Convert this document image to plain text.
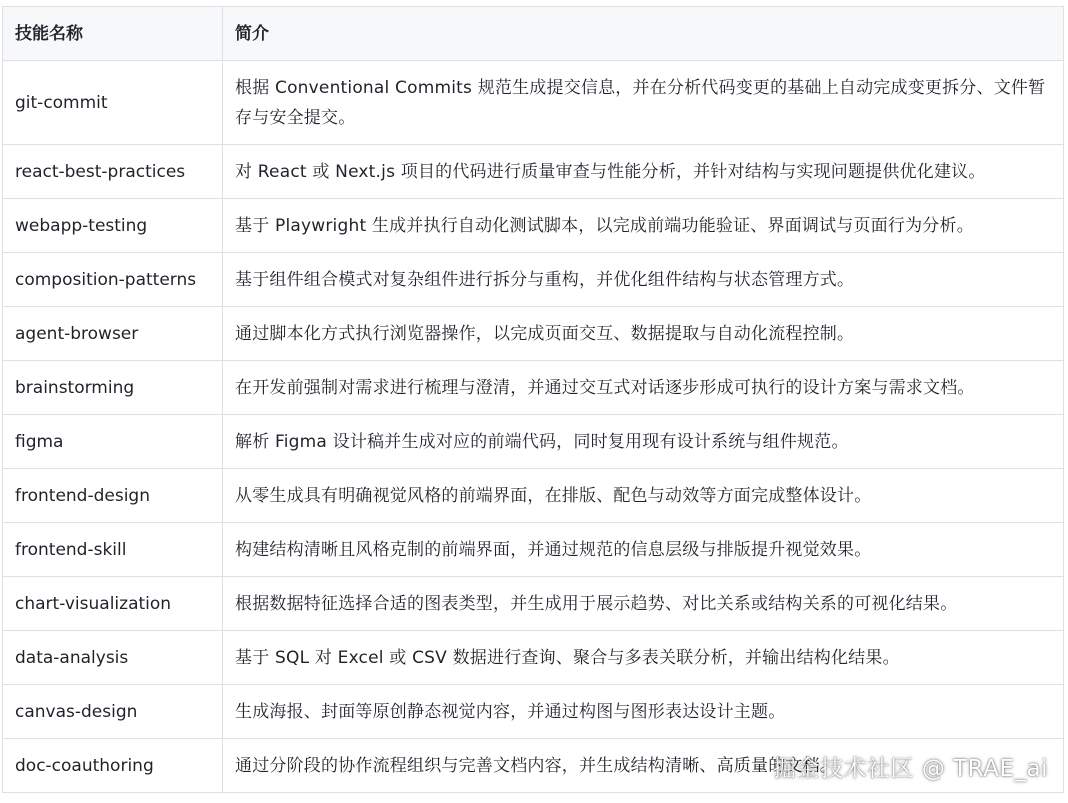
技能名称	简介
git-commit	根据 Conventional Commits 规范生成提交信息，并在分析代码变更的基础上自动完成变更拆分、文件暂存与安全提交。
react-best-practices	对 React 或 Next.js 项目的代码进行质量审查与性能分析，并针对结构与实现问题提供优化建议。
webapp-testing	基于 Playwright 生成并执行自动化测试脚本，以完成前端功能验证、界面调试与页面行为分析。
composition-patterns	基于组件组合模式对复杂组件进行拆分与重构，并优化组件结构与状态管理方式。
agent-browser	通过脚本化方式执行浏览器操作，以完成页面交互、数据提取与自动化流程控制。
brainstorming	在开发前强制对需求进行梳理与澄清，并通过交互式对话逐步形成可执行的设计方案与需求文档。
figma	解析 Figma 设计稿并生成对应的前端代码，同时复用现有设计系统与组件规范。
frontend-design	从零生成具有明确视觉风格的前端界面，在排版、配色与动效等方面完成整体设计。
frontend-skill	构建结构清晰且风格克制的前端界面，并通过规范的信息层级与排版提升视觉效果。
chart-visualization	根据数据特征选择合适的图表类型，并生成用于展示趋势、对比关系或结构关系的可视化结果。
data-analysis	基于 SQL 对 Excel 或 CSV 数据进行查询、聚合与多表关联分析，并输出结构化结果。
canvas-design	生成海报、封面等原创静态视觉内容，并通过构图与图形表达设计主题。
doc-coauthoring	通过分阶段的协作流程组织与完善文档内容，并生成结构清晰、高质量的文档。
掘金技术社区 @ TRAE_ai
